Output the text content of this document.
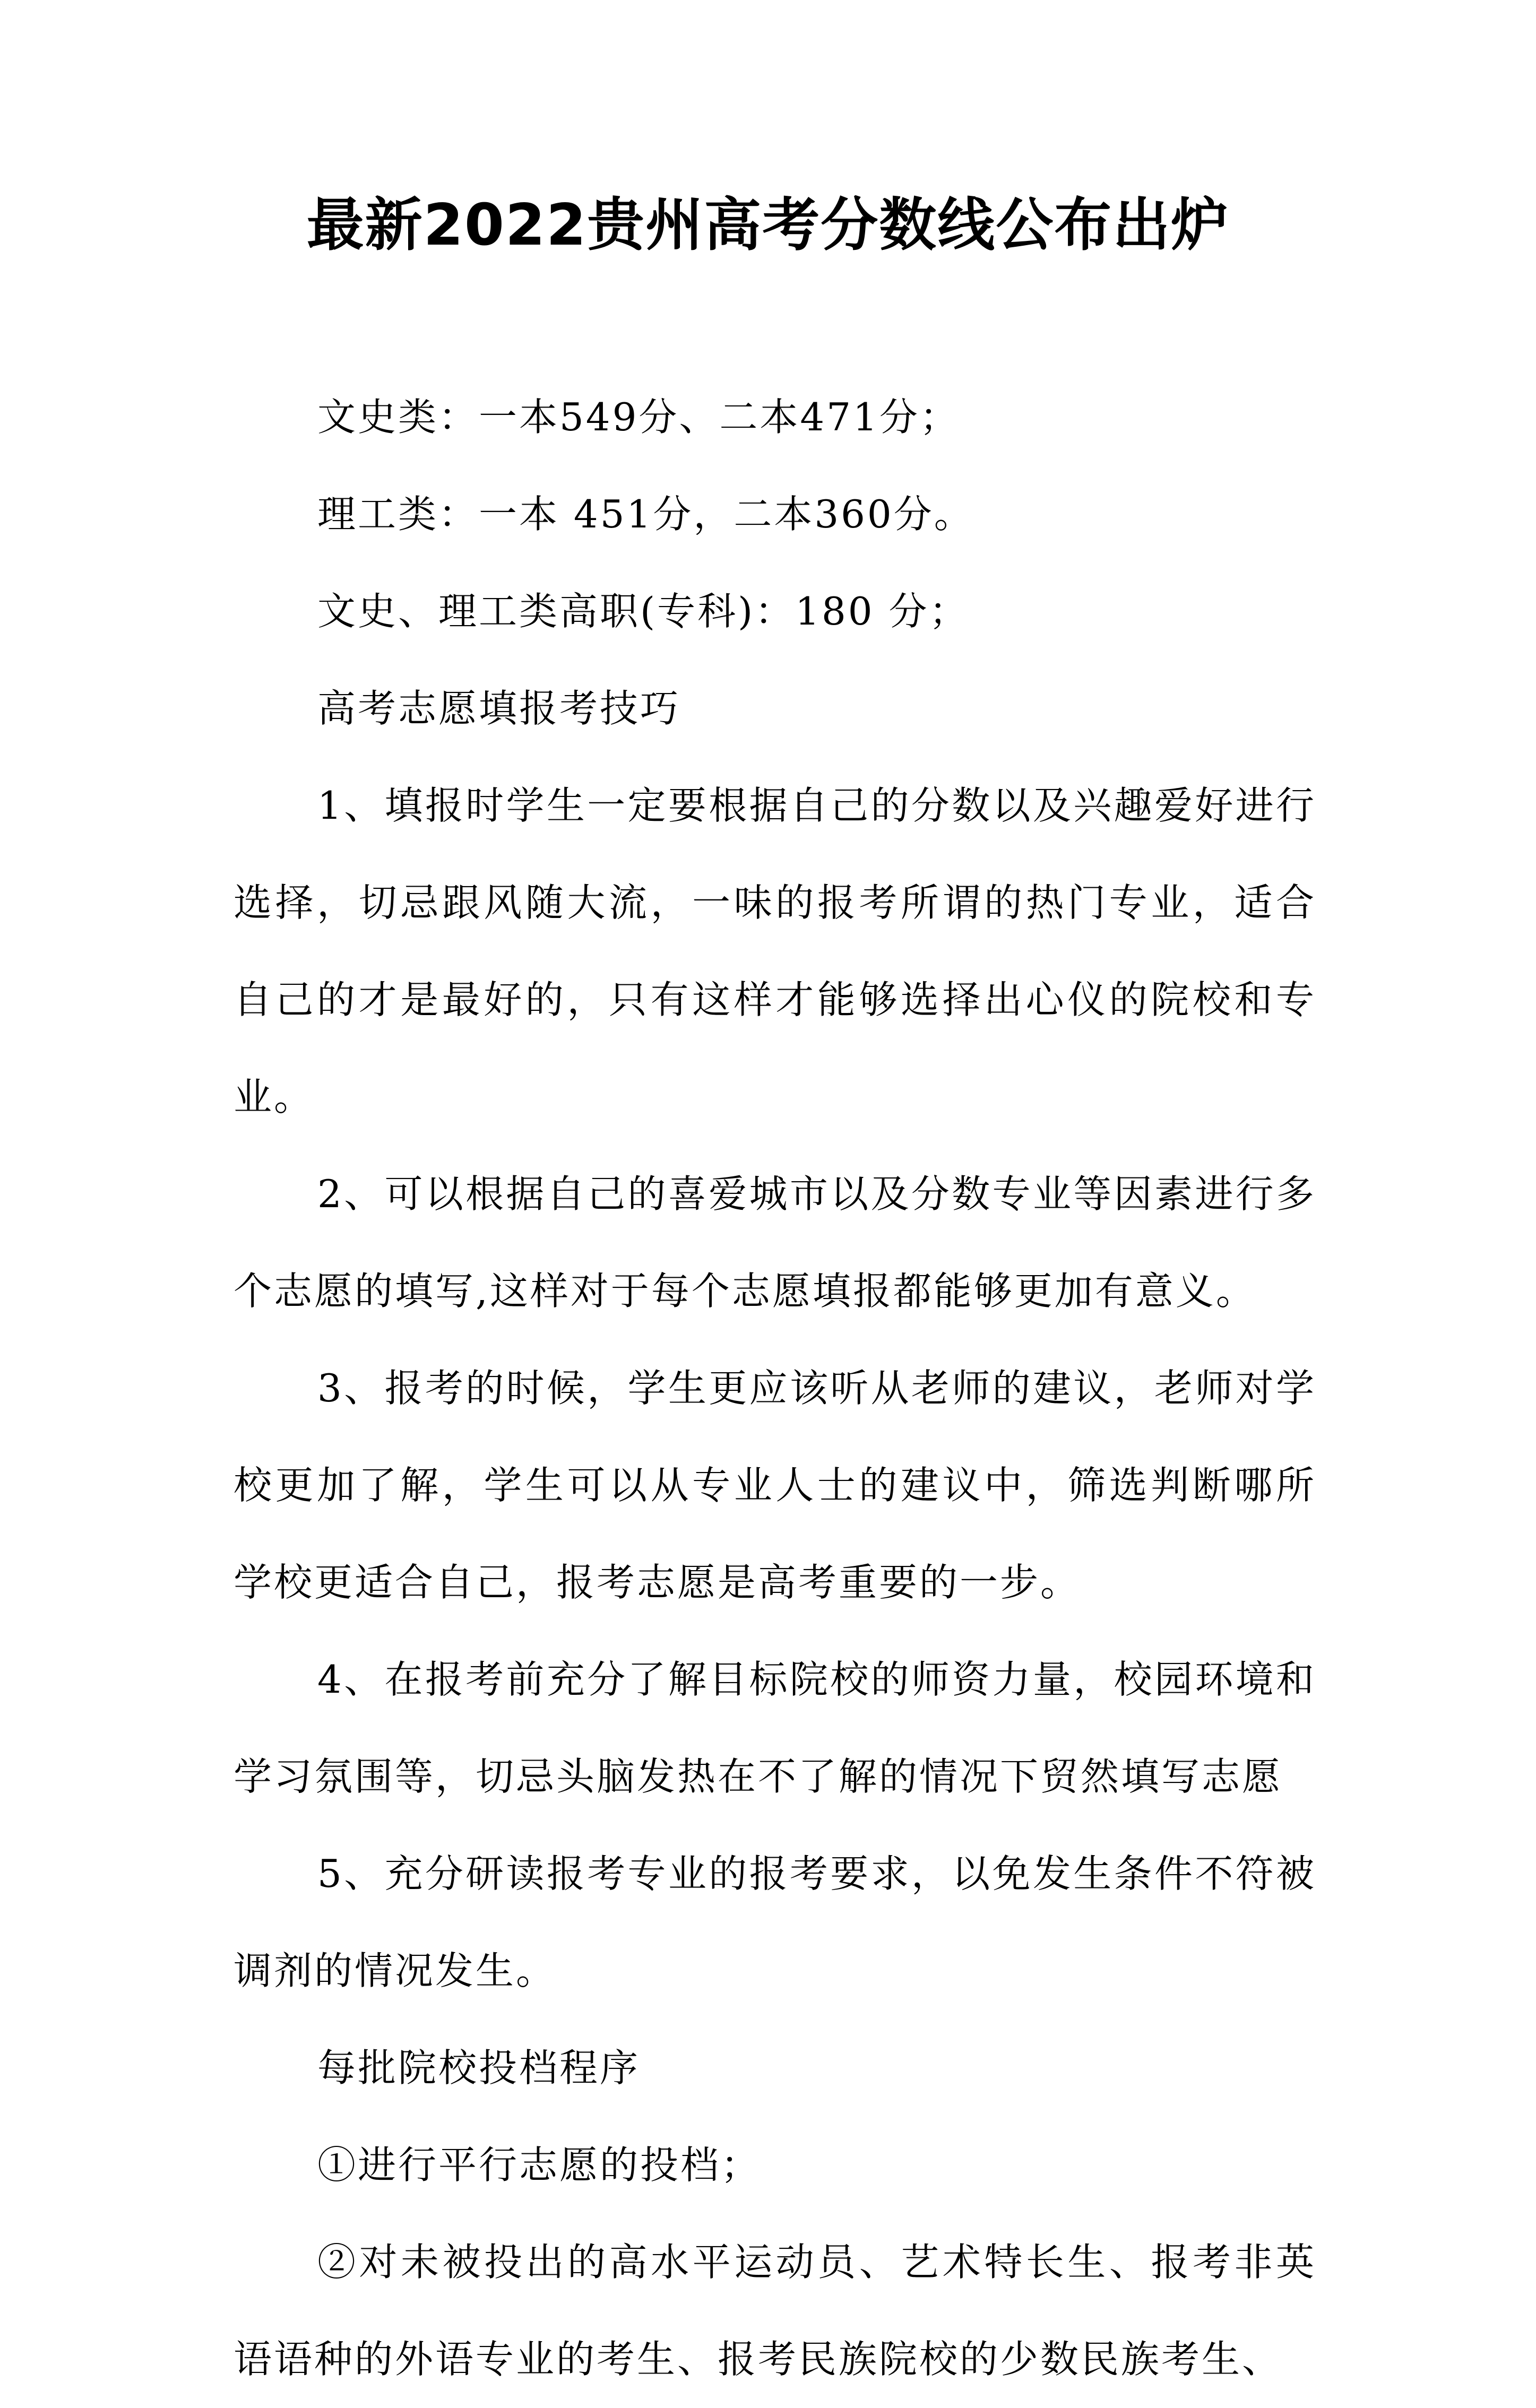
最新2022贵州高考分数线公布出炉

文史类：一本549分、二本471分；

理工类：一本 451分，二本360分。

文史、理工类高职(专科)：180 分；

高考志愿填报考技巧

1、填报时学生一定要根据自己的分数以及兴趣爱好进行选择，切忌跟风随大流，一味的报考所谓的热门专业，适合自己的才是最好的，只有这样才能够选择出心仪的院校和专业。

2、可以根据自己的喜爱城市以及分数专业等因素进行多个志愿的填写,这样对于每个志愿填报都能够更加有意义。

3、报考的时候，学生更应该听从老师的建议，老师对学校更加了解，学生可以从专业人士的建议中，筛选判断哪所学校更适合自己，报考志愿是高考重要的一步。

4、在报考前充分了解目标院校的师资力量，校园环境和学习氛围等，切忌头脑发热在不了解的情况下贸然填写志愿

5、充分研读报考专业的报考要求，以免发生条件不符被调剂的情况发生。

每批院校投档程序

①进行平行志愿的投档；

②对未被投出的高水平运动员、艺术特长生、报考非英语语种的外语专业的考生、报考民族院校的少数民族考生、
